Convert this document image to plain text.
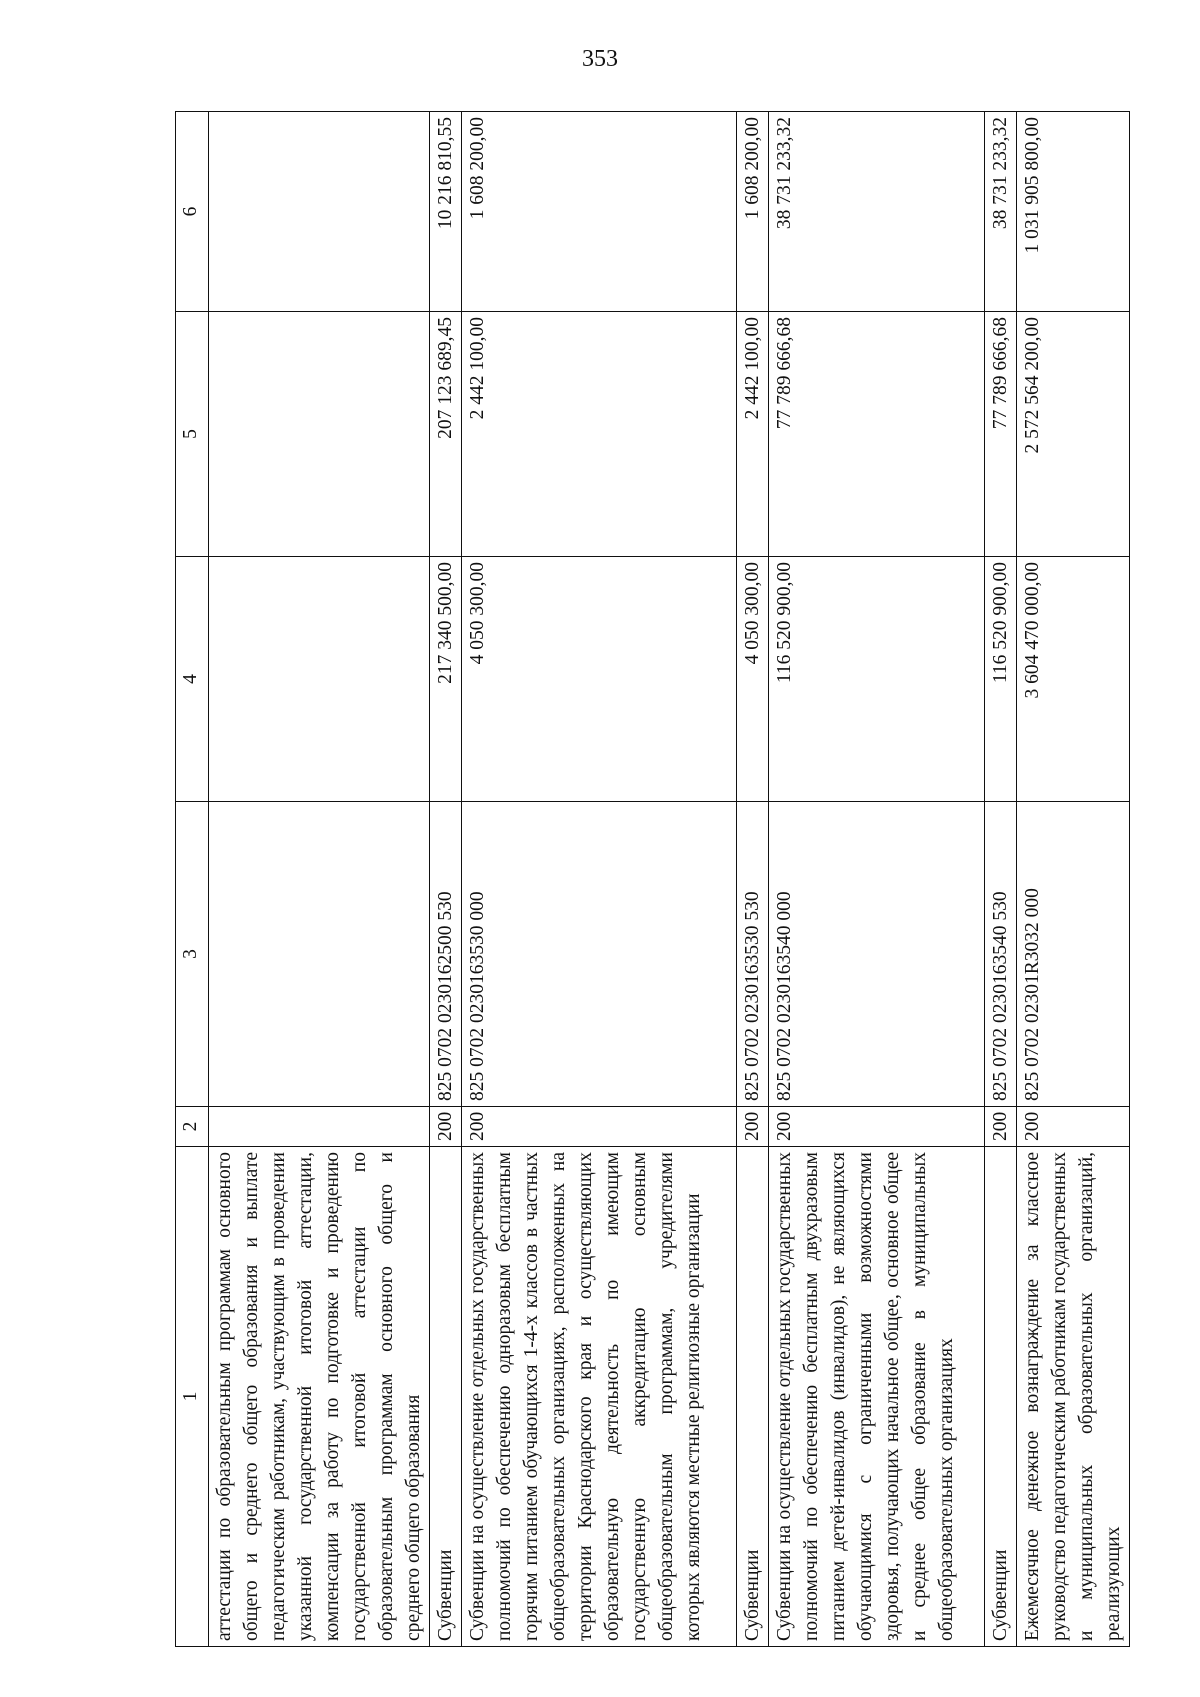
353
1	2	3	4	5	6
аттестации по образовательным программам основного общего и среднего общего образования и выплате педагогическим работникам, участвующим в проведении указанной государственной итоговой аттестации, компенсации за работу по подготовке и проведению государственной итоговой аттестации по образовательным программам основного общего и среднего общего образования					
Субвенции	200	825 0702 0230162500 530	217 340 500,00	207 123 689,45	10 216 810,55
Субвенции на осуществление отдельных государственных полномочий по обеспечению одноразовым бесплатным горячим питанием обучающихся 1-4-х классов в частных общеобразовательных организациях, расположенных на территории Краснодарского края и осуществляющих образовательную деятельность по имеющим государственную аккредитацию основным общеобразовательным программам, учредителями которых являются местные религиозные организации	200	825 0702 0230163530 000	4 050 300,00	2 442 100,00	1 608 200,00
Субвенции	200	825 0702 0230163530 530	4 050 300,00	2 442 100,00	1 608 200,00
Субвенции на осуществление отдельных государственных полномочий по обеспечению бесплатным двухразовым питанием детей-инвалидов (инвалидов), не являющихся обучающимися с ограниченными возможностями здоровья, получающих начальное общее, основное общее и среднее общее образование в муниципальных общеобразовательных организациях	200	825 0702 0230163540 000	116 520 900,00	77 789 666,68	38 731 233,32
Субвенции	200	825 0702 0230163540 530	116 520 900,00	77 789 666,68	38 731 233,32
Ежемесячное денежное вознаграждение за классное руководство педагогическим работникам государственных и муниципальных образовательных организаций, реализующих	200	825 0702 02301R3032 000	3 604 470 000,00	2 572 564 200,00	1 031 905 800,00
